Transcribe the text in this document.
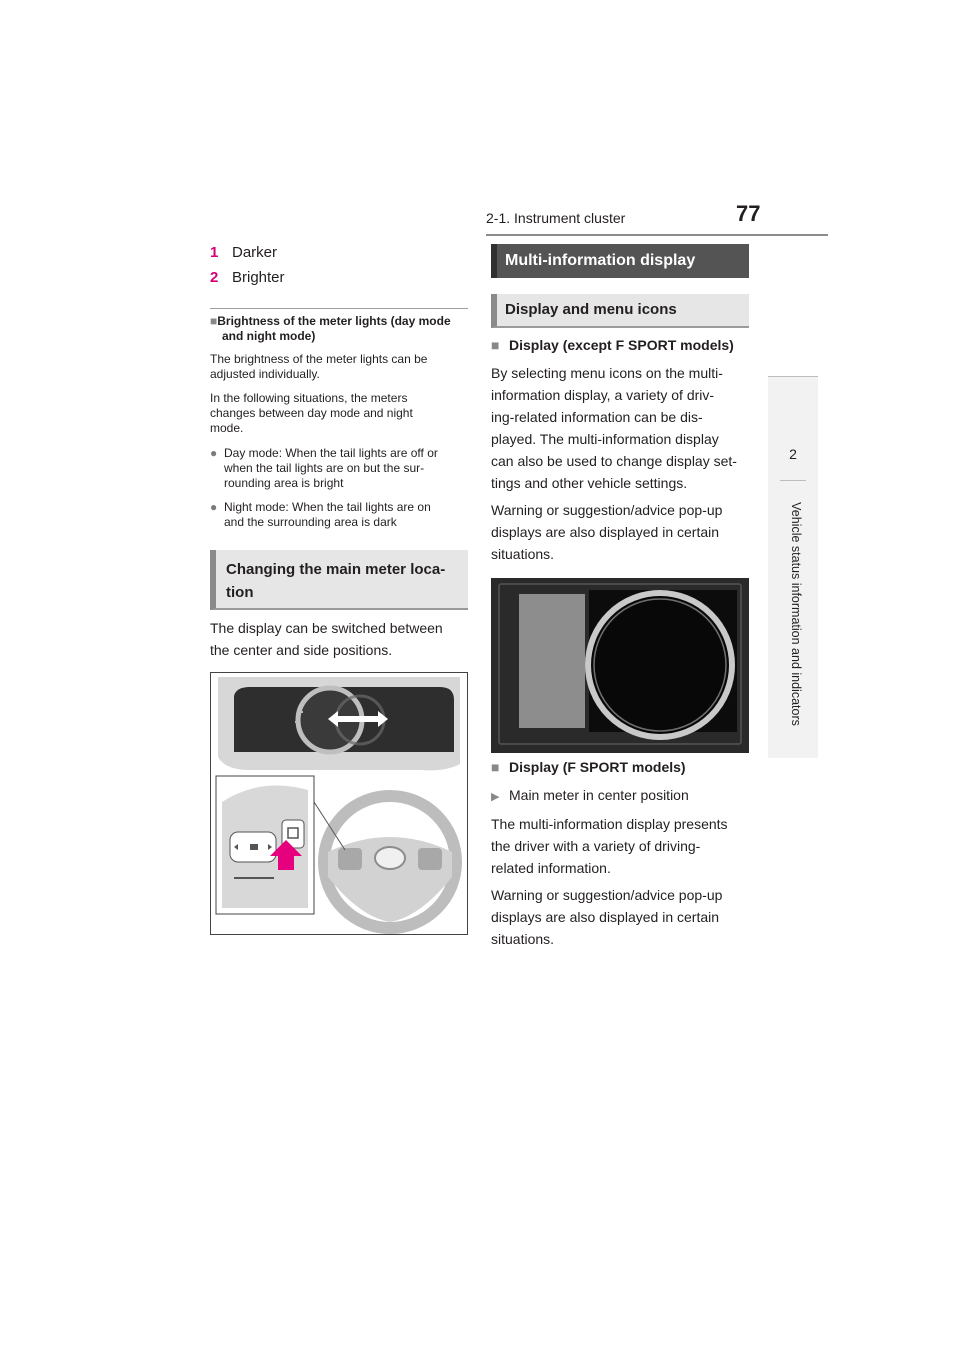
2-1. Instrument cluster	77
2
Vehicle status information and indicators
1 Darker
2 Brighter
■Brightness of the meter lights (day mode
and night mode)
The brightness of the meter lights can be
adjusted individually.
In the following situations, the meters
changes between day mode and night
mode.
● Day mode: When the tail lights are off or
when the tail lights are on but the sur-
rounding area is bright
● Night mode: When the tail lights are on
and the surrounding area is dark
Changing the main meter loca-
tion
The display can be switched between
the center and side positions.
Multi-information display
Display and menu icons
■ Display (except F SPORT models)
By selecting menu icons on the multi-
information display, a variety of driv-
ing-related information can be dis-
played. The multi-information display
can also be used to change display set-
tings and other vehicle settings.
Warning or suggestion/advice pop-up
displays are also displayed in certain
situations.
■ Display (F SPORT models)
▶ Main meter in center position
The multi-information display presents
the driver with a variety of driving-
related information.
Warning or suggestion/advice pop-up
displays are also displayed in certain
situations.
